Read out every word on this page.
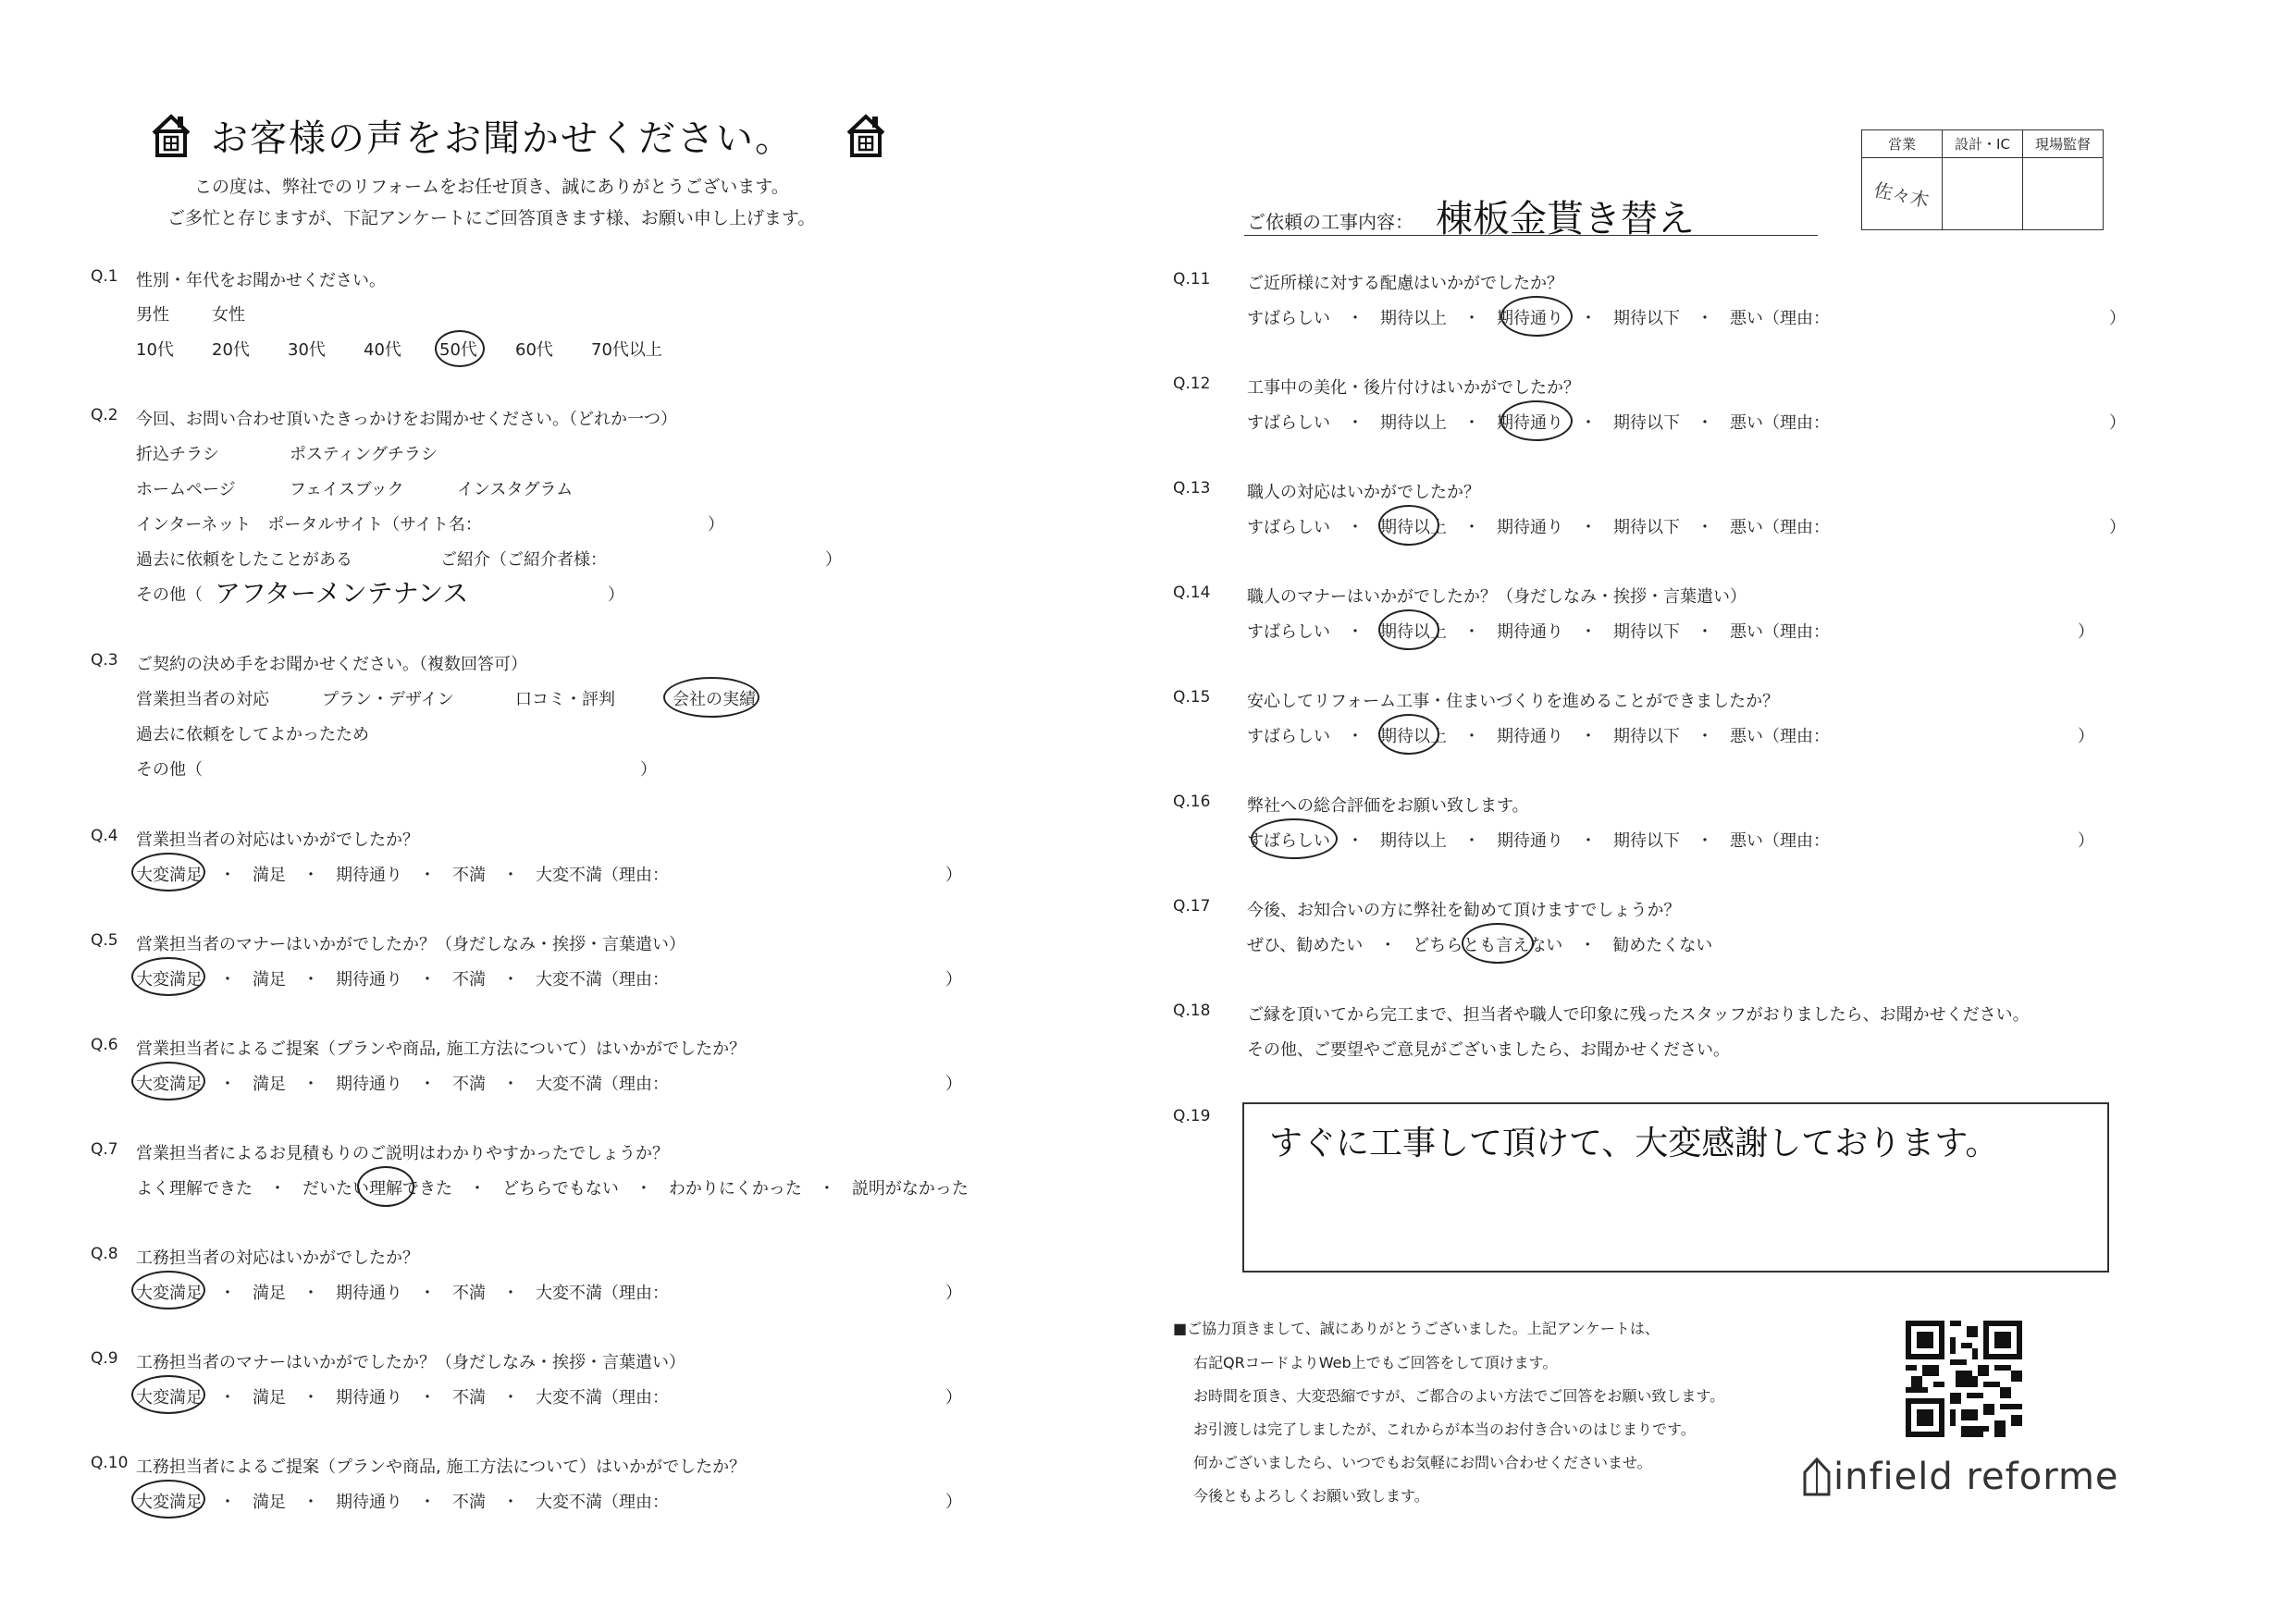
お客様の声をお聞かせください。
この度は、弊社でのリフォームをお任せ頂き、誠にありがとうございます。
ご多忙と存じますが、下記アンケートにご回答頂きます様、お願い申し上げます。
営業	設計・IC	現場監督
佐々木		
ご依頼の工事内容： 棟板金貰き替え
Q.1 性別・年代をお聞かせください。
男性	女性
10代 20代 30代 40代 50代 60代 70代以上
Q.2 今回、お問い合わせ頂いたきっかけをお聞かせください。（どれか一つ）
折込チラシ	ポスティングチラシ
ホームページ	フェイスブック	インスタグラム
インターネット　ポータルサイト（サイト名：	）
過去に依頼をしたことがある	ご紹介（ご紹介者様：	）
その他（ アフターメンテナンス	）
Q.3 ご契約の決め手をお聞かせください。（複数回答可）
営業担当者の対応	プラン・デザイン	口コミ・評判	会社の実績
過去に依頼をしてよかったため
その他（	）
Q.4 営業担当者の対応はいかがでしたか？
大変満足　・　満足　・　期待通り　・　不満　・　大変不満（理由：	）
Q.5 営業担当者のマナーはいかがでしたか？（身だしなみ・挨拶・言葉遣い）
大変満足　・　満足　・　期待通り　・　不満　・　大変不満（理由：	）
Q.6 営業担当者によるご提案（プランや商品, 施工方法について）はいかがでしたか？
大変満足　・　満足　・　期待通り　・　不満　・　大変不満（理由：	）
Q.7 営業担当者によるお見積もりのご説明はわかりやすかったでしょうか？
よく理解できた　・　だいたい理解できた　・　どちらでもない　・　わかりにくかった　・　説明がなかった
Q.8 工務担当者の対応はいかがでしたか？
大変満足　・　満足　・　期待通り　・　不満　・　大変不満（理由：	）
Q.9 工務担当者のマナーはいかがでしたか？（身だしなみ・挨拶・言葉遣い）
大変満足　・　満足　・　期待通り　・　不満　・　大変不満（理由：	）
Q.10 工務担当者によるご提案（プランや商品, 施工方法について）はいかがでしたか？
大変満足　・　満足　・　期待通り　・　不満　・　大変不満（理由：	）
Q.11 ご近所様に対する配慮はいかがでしたか？
すばらしい　・　期待以上　・　期待通り　・　期待以下　・　悪い（理由：	）
Q.12 工事中の美化・後片付けはいかがでしたか？
すばらしい　・　期待以上　・　期待通り　・　期待以下　・　悪い（理由：	）
Q.13 職人の対応はいかがでしたか？
すばらしい　・　期待以上　・　期待通り　・　期待以下　・　悪い（理由：	）
Q.14 職人のマナーはいかがでしたか？（身だしなみ・挨拶・言葉遣い）
すばらしい　・　期待以上　・　期待通り　・　期待以下　・　悪い（理由：	）
Q.15 安心してリフォーム工事・住まいづくりを進めることができましたか？
すばらしい　・　期待以上　・　期待通り　・　期待以下　・　悪い（理由：	）
Q.16 弊社への総合評価をお願い致します。
すばらしい　・　期待以上　・　期待通り　・　期待以下　・　悪い（理由：	）
Q.17 今後、お知合いの方に弊社を勧めて頂けますでしょうか？
ぜひ、勧めたい　・　どちらとも言えない　・　勧めたくない
Q.18 ご縁を頂いてから完工まで、担当者や職人で印象に残ったスタッフがおりましたら、お聞かせください。
その他、ご要望やご意見がございましたら、お聞かせください。
Q.19
すぐに工事して頂けて、大変感謝しております。
■ご協力頂きまして、誠にありがとうございました。上記アンケートは、
右記QRコードよりWeb上でもご回答をして頂けます。
お時間を頂き、大変恐縮ですが、ご都合のよい方法でご回答をお願い致します。
お引渡しは完了しましたが、これからが本当のお付き合いのはじまりです。
何かございましたら、いつでもお気軽にお問い合わせくださいませ。
今後ともよろしくお願い致します。	infield reforme
